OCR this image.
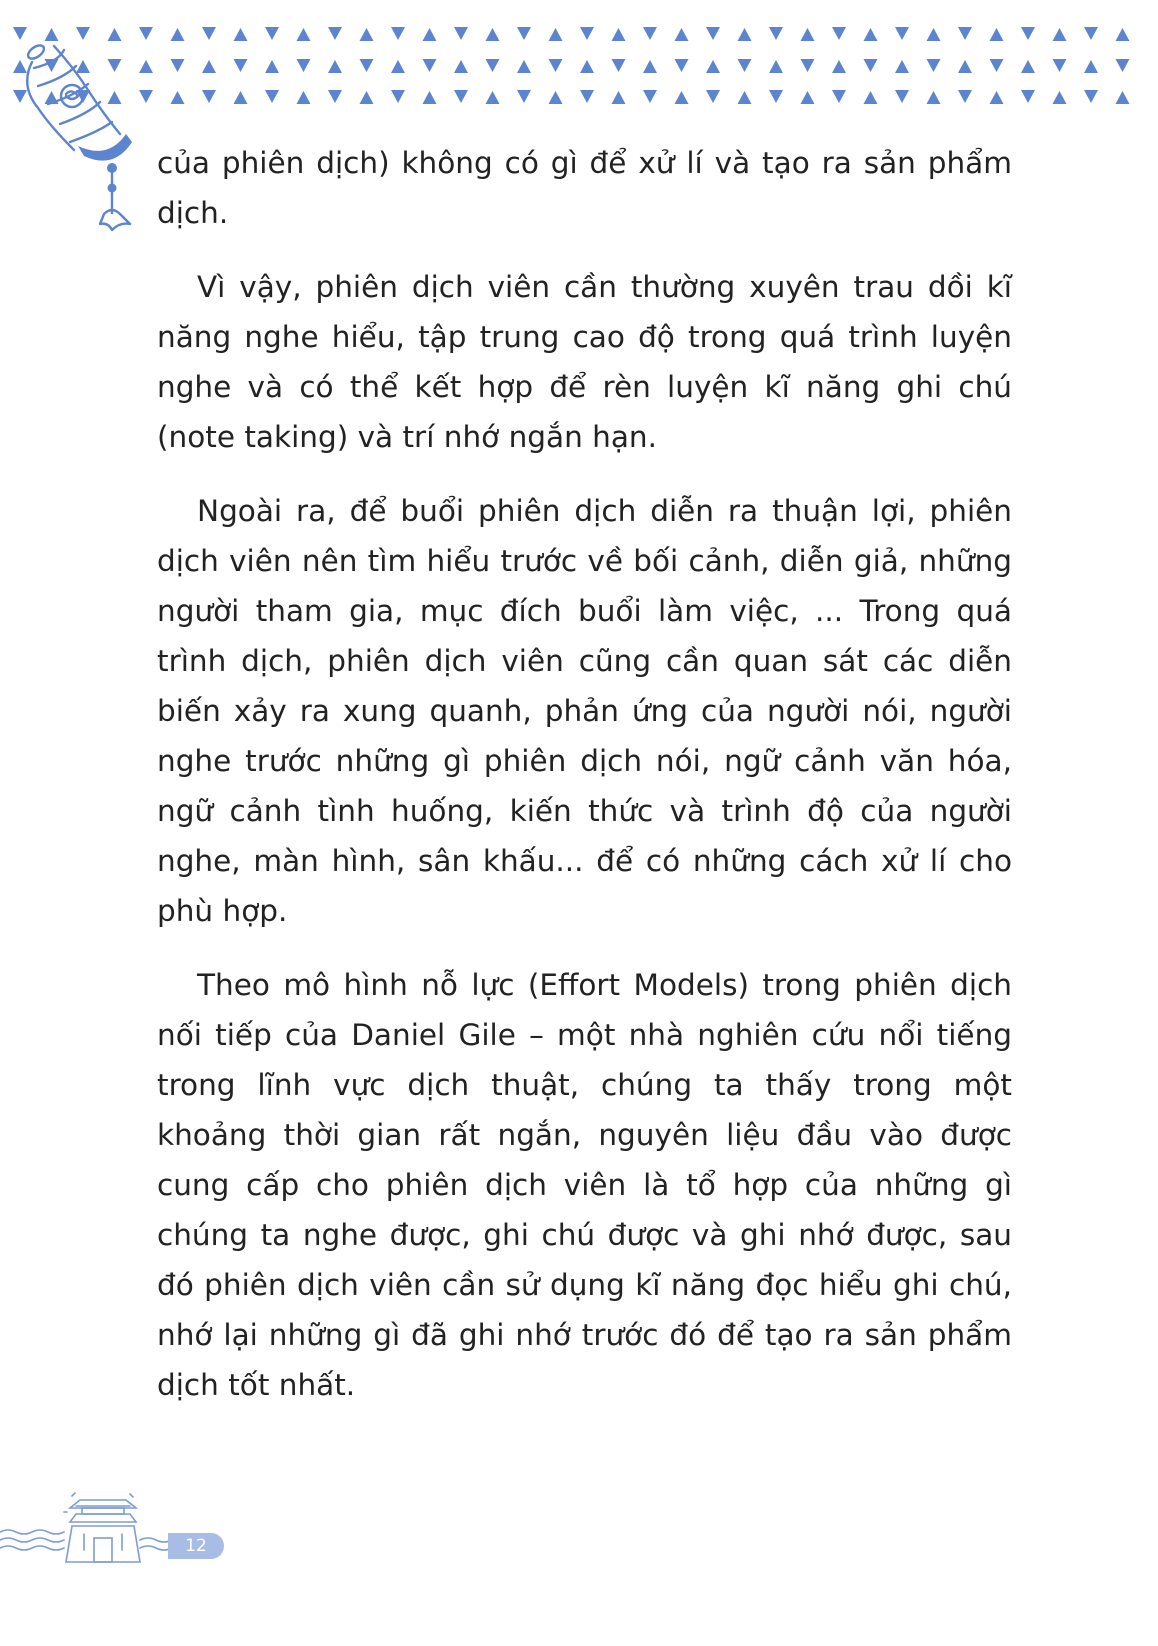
của phiên dịch) không có gì để xử lí và tạo ra sản phẩm dịch.

Vì vậy, phiên dịch viên cần thường xuyên trau dồi kĩ năng nghe hiểu, tập trung cao độ trong quá trình luyện nghe và có thể kết hợp để rèn luyện kĩ năng ghi chú (note taking) và trí nhớ ngắn hạn.

Ngoài ra, để buổi phiên dịch diễn ra thuận lợi, phiên dịch viên nên tìm hiểu trước về bối cảnh, diễn giả, những người tham gia, mục đích buổi làm việc, ... Trong quá trình dịch, phiên dịch viên cũng cần quan sát các diễn biến xảy ra xung quanh, phản ứng của người nói, người nghe trước những gì phiên dịch nói, ngữ cảnh văn hóa, ngữ cảnh tình huống, kiến thức và trình độ của người nghe, màn hình, sân khấu... để có những cách xử lí cho phù hợp.

Theo mô hình nỗ lực (Effort Models) trong phiên dịch nối tiếp của Daniel Gile – một nhà nghiên cứu nổi tiếng trong lĩnh vực dịch thuật, chúng ta thấy trong một khoảng thời gian rất ngắn, nguyên liệu đầu vào được cung cấp cho phiên dịch viên là tổ hợp của những gì chúng ta nghe được, ghi chú được và ghi nhớ được, sau đó phiên dịch viên cần sử dụng kĩ năng đọc hiểu ghi chú, nhớ lại những gì đã ghi nhớ trước đó để tạo ra sản phẩm dịch tốt nhất.

12
